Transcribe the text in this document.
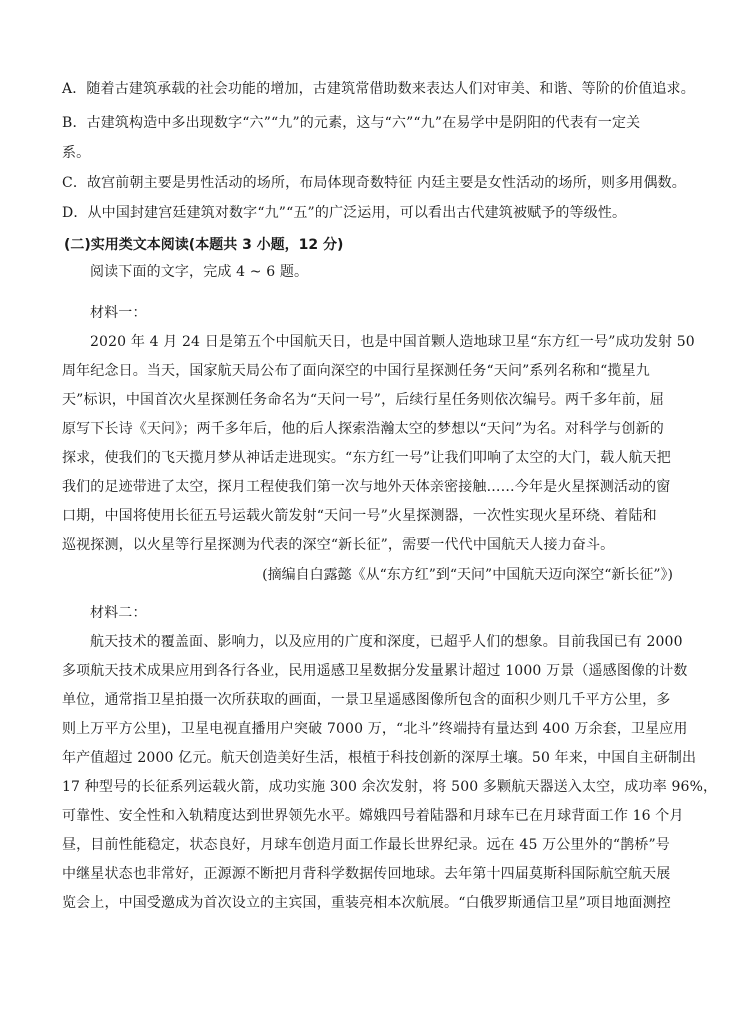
A．随着古建筑承载的社会功能的增加，古建筑常借助数来表达人们对审美、和谐、等阶的价值追求。
B．古建筑构造中多出现数字“六”“九”的元素，这与“六”“九”在易学中是阴阳的代表有一定关
系。
C．故宫前朝主要是男性活动的场所，布局体现奇数特征 内廷主要是女性活动的场所，则多用偶数。
D．从中国封建宫廷建筑对数字“九”“五”的广泛运用，可以看出古代建筑被赋予的等级性。
(二)实用类文本阅读(本题共 3 小题，12 分)
阅读下面的文字，完成 4 ~ 6 题。
材料一：
2020 年 4 月 24 日是第五个中国航天日，也是中国首颗人造地球卫星“东方红一号”成功发射 50
周年纪念日。当天，国家航天局公布了面向深空的中国行星探测任务“天问”系列名称和“揽星九
天”标识，中国首次火星探测任务命名为“天问一号”，后续行星任务则依次编号。两千多年前，屈
原写下长诗《天问》；两千多年后，他的后人探索浩瀚太空的梦想以“天问”为名。对科学与创新的
探求，使我们的飞天揽月梦从神话走进现实。“东方红一号”让我们叩响了太空的大门，载人航天把
我们的足迹带进了太空，探月工程使我们第一次与地外天体亲密接触……今年是火星探测活动的窗
口期，中国将使用长征五号运载火箭发射“天问一号”火星探测器，一次性实现火星环绕、着陆和
巡视探测，以火星等行星探测为代表的深空“新长征”，需要一代代中国航天人接力奋斗。
(摘编自白露懿《从“东方红”到“天问”中国航天迈向深空“新长征”》)
材料二：
航天技术的覆盖面、影响力，以及应用的广度和深度，已超乎人们的想象。目前我国已有 2000
多项航天技术成果应用到各行各业，民用遥感卫星数据分发量累计超过 1000 万景（遥感图像的计数
单位，通常指卫星拍摄一次所获取的画面，一景卫星遥感图像所包含的面积少则几千平方公里，多
则上万平方公里)，卫星电视直播用户突破 7000 万，“北斗”终端持有量达到 400 万余套，卫星应用
年产值超过 2000 亿元。航天创造美好生活，根植于科技创新的深厚土壤。50 年来，中国自主研制出
17 种型号的长征系列运载火箭，成功实施 300 余次发射，将 500 多颗航天器送入太空，成功率 96%，
可靠性、安全性和入轨精度达到世界领先水平。嫦娥四号着陆器和月球车已在月球背面工作 16 个月
昼，目前性能稳定，状态良好，月球车创造月面工作最长世界纪录。远在 45 万公里外的“鹊桥”号
中继星状态也非常好，正源源不断把月背科学数据传回地球。去年第十四届莫斯科国际航空航天展
览会上，中国受邀成为首次设立的主宾国，重装亮相本次航展。“白俄罗斯通信卫星”项目地面测控
